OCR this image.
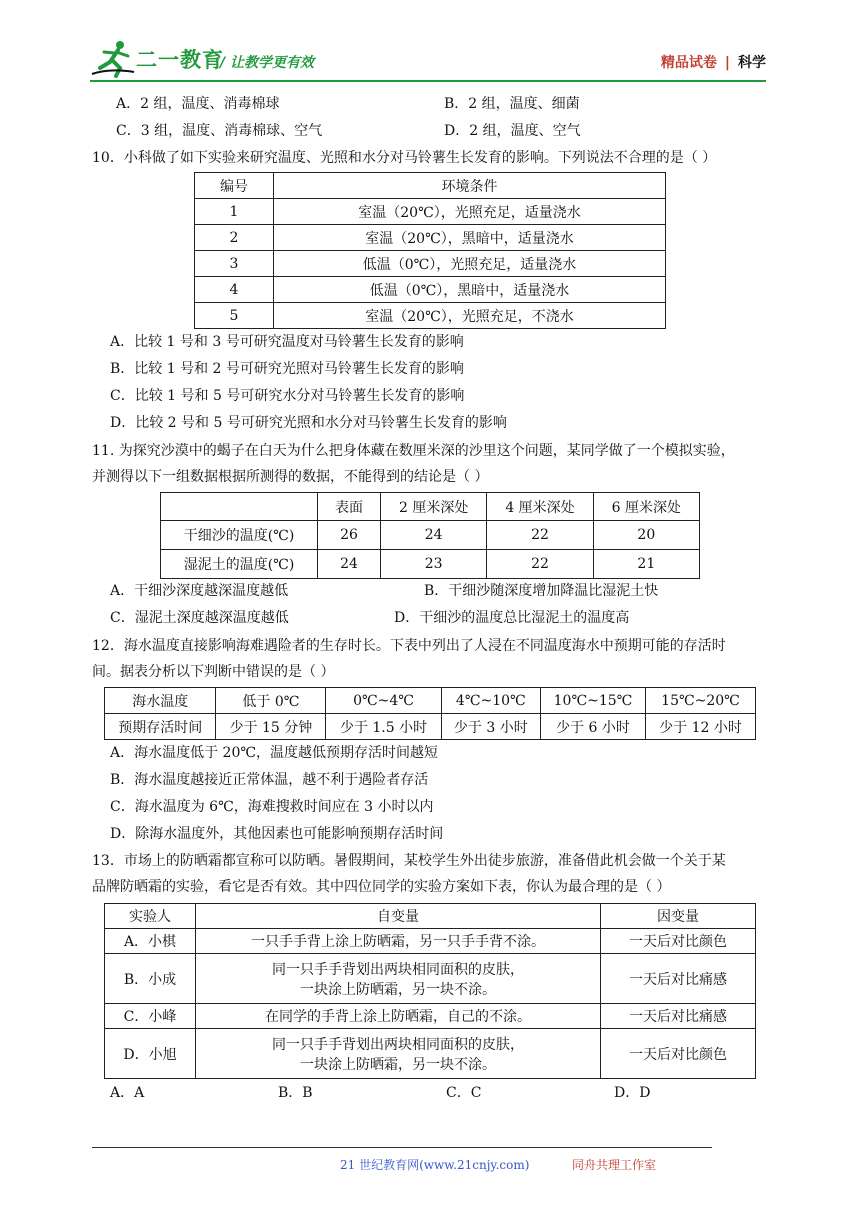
二一教育
/ 让教学更有效	精品试卷 | 科学
A．2 组，温度、消毒棉球	B．2 组，温度、细菌
C．3 组，温度、消毒棉球、空气	D．2 组，温度、空气
10．小科做了如下实验来研究温度、光照和水分对马铃薯生长发育的影响。下列说法不合理的是（ ）
编号	环境条件
1	室温（20℃），光照充足，适量浇水
2	室温（20℃），黑暗中，适量浇水
3	低温（0℃），光照充足，适量浇水
4	低温（0℃），黑暗中，适量浇水
5	室温（20℃），光照充足，不浇水
A．比较 1 号和 3 号可研究温度对马铃薯生长发育的影响
B．比较 1 号和 2 号可研究光照对马铃薯生长发育的影响
C．比较 1 号和 5 号可研究水分对马铃薯生长发育的影响
D．比较 2 号和 5 号可研究光照和水分对马铃薯生长发育的影响
11. 为探究沙漠中的蝎子在白天为什么把身体藏在数厘米深的沙里这个问题，某同学做了一个模拟实验，
并测得以下一组数据根据所测得的数据，不能得到的结论是（ ）
	表面	2 厘米深处	4 厘米深处	6 厘米深处
干细沙的温度(℃)	26	24	22	20
湿泥土的温度(℃)	24	23	22	21
A．干细沙深度越深温度越低	B．干细沙随深度增加降温比湿泥土快
C．湿泥土深度越深温度越低	D．干细沙的温度总比湿泥土的温度高
12．海水温度直接影响海难遇险者的生存时长。下表中列出了人浸在不同温度海水中预期可能的存活时
间。据表分析以下判断中错误的是（ ）
海水温度	低于 0℃	0℃~4℃	4℃~10℃	10℃~15℃	15℃~20℃
预期存活时间	少于 15 分钟	少于 1.5 小时	少于 3 小时	少于 6 小时	少于 12 小时
A．海水温度低于 20℃，温度越低预期存活时间越短
B．海水温度越接近正常体温，越不利于遇险者存活
C．海水温度为 6℃，海难搜救时间应在 3 小时以内
D．除海水温度外，其他因素也可能影响预期存活时间
13．市场上的防晒霜都宣称可以防晒。暑假期间，某校学生外出徒步旅游，准备借此机会做一个关于某
品牌防晒霜的实验，看它是否有效。其中四位同学的实验方案如下表，你认为最合理的是（ ）
实验人	自变量	因变量
A．小棋	一只手手背上涂上防晒霜，另一只手手背不涂。	一天后对比颜色
B．小成	同一只手手背划出两块相同面积的皮肤，
一块涂上防晒霜，另一块不涂。	一天后对比痛感
C．小峰	在同学的手背上涂上防晒霜，自己的不涂。	一天后对比痛感
D．小旭	同一只手手背划出两块相同面积的皮肤，
一块涂上防晒霜，另一块不涂。	一天后对比颜色
A．A	B．B	C．C	D．D
21 世纪教育网(www.21cnjy.com)	同舟共理工作室
